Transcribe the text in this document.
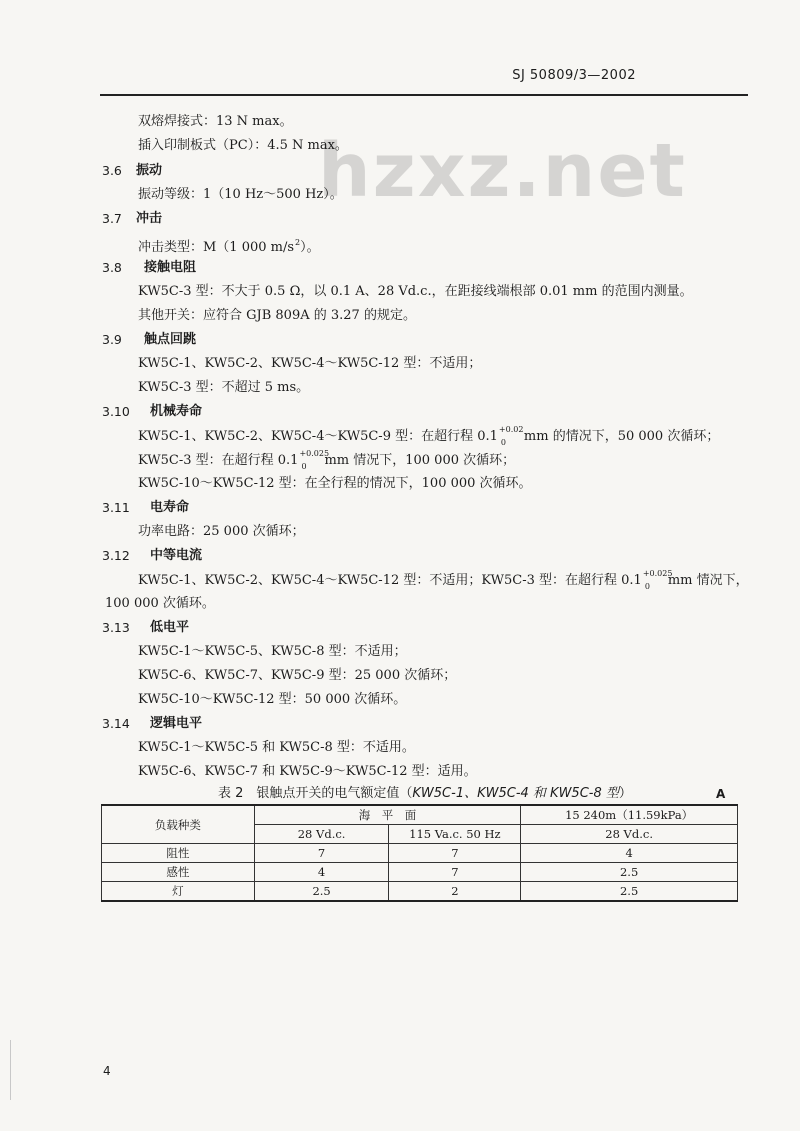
SJ 50809/3—2002
hzxz.net
双熔焊接式：13 N max。
插入印制板式（PC）：4.5 N max。
3.6 振动
振动等级：1（10 Hz～500 Hz）。
3.7 冲击
冲击类型：M（1 000 $m/s^2$）。
3.8 接触电阻
KW5C-3 型：不大于 0.5 Ω，以 0.1 A、28 Vd.c.，在距接线端根部 0.01 mm 的范围内测量。
其他开关：应符合 GJB 809A 的 3.27 的规定。
3.9 触点回跳
KW5C-1、KW5C-2、KW5C-4～KW5C-12 型：不适用；
KW5C-3 型：不超过 5 ms。
3.10 机械寿命
KW5C-1、KW5C-2、KW5C-4～KW5C-9 型：在超行程 0.1 +0.02
0 mm 的情况下，50 000 次循环；
KW5C-3 型：在超行程 0.1 +0.025
0 mm 情况下，100 000 次循环；
KW5C-10～KW5C-12 型：在全行程的情况下，100 000 次循环。
3.11 电寿命
功率电路：25 000 次循环；
3.12 中等电流
KW5C-1、KW5C-2、KW5C-4～KW5C-12 型：不适用；KW5C-3 型：在超行程 0.1 +0.025
0 mm 情况下，
100 000 次循环。
3.13 低电平
KW5C-1～KW5C-5、KW5C-8 型：不适用；
KW5C-6、KW5C-7、KW5C-9 型：25 000 次循环；
KW5C-10～KW5C-12 型：50 000 次循环。
3.14 逻辑电平
KW5C-1～KW5C-5 和 KW5C-8 型：不适用。
KW5C-6、KW5C-7 和 KW5C-9～KW5C-12 型：适用。
表 2　银触点开关的电气额定值（KW5C-1、KW5C-4 和 KW5C-8 型）	A
负载种类	海　平　面		15 240m（11.59kPa）
	28 Vd.c.	115 Va.c. 50 Hz	28 Vd.c.
阻性	7	7	4
感性	4	7	2.5
灯	2.5	2	2.5
4
